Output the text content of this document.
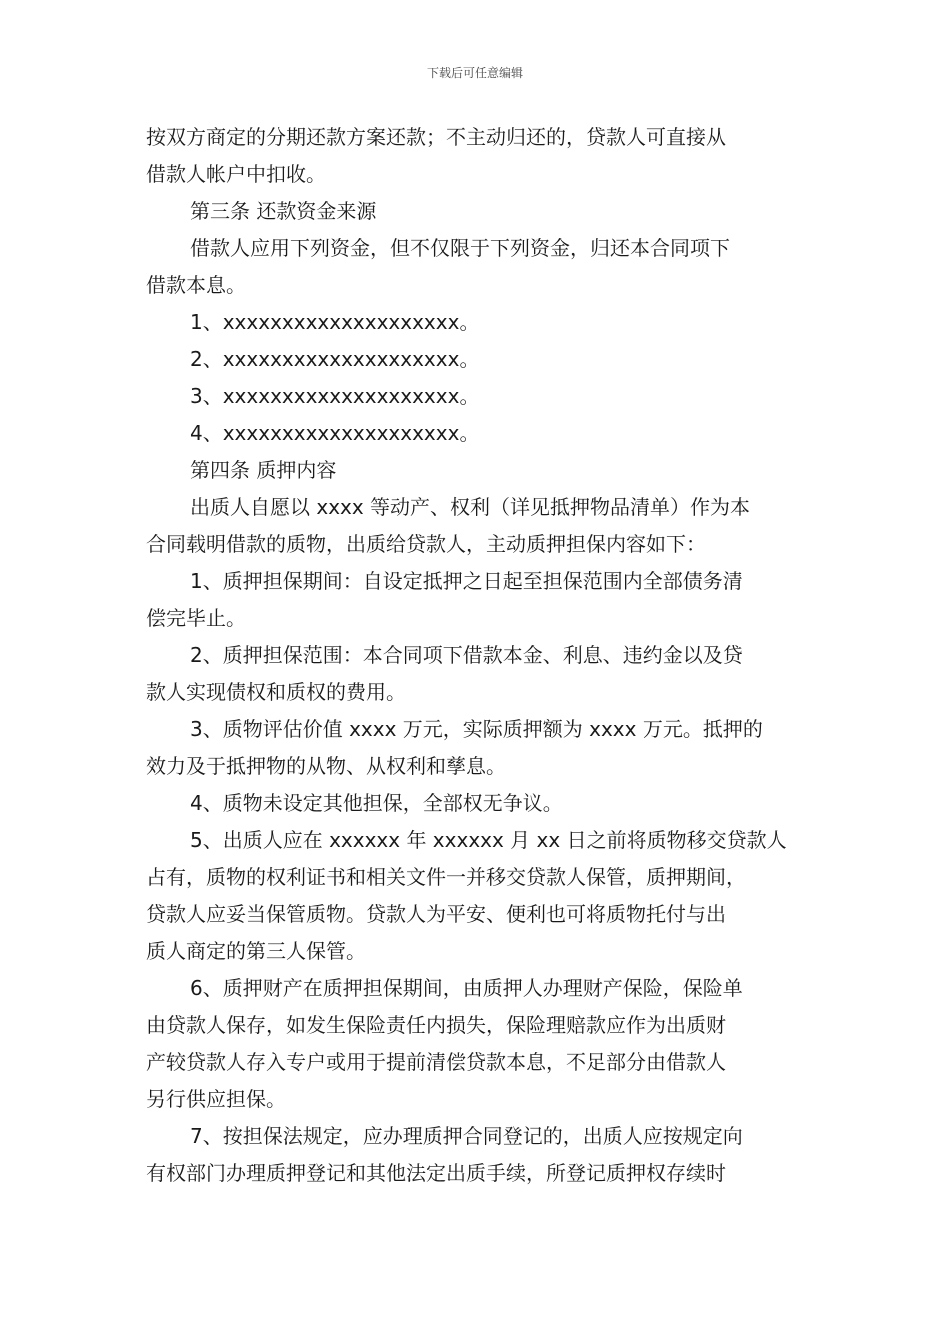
下载后可任意编辑

按双方商定的分期还款方案还款；不主动归还的，贷款人可直接从

借款人帐户中扣收。

第三条 还款资金来源

借款人应用下列资金，但不仅限于下列资金，归还本合同项下

借款本息。

1、xxxxxxxxxxxxxxxxxxxx。

2、xxxxxxxxxxxxxxxxxxxx。

3、xxxxxxxxxxxxxxxxxxxx。

4、xxxxxxxxxxxxxxxxxxxx。

第四条 质押内容

出质人自愿以 xxxx 等动产、权利（详见抵押物品清单）作为本

合同载明借款的质物，出质给贷款人，主动质押担保内容如下：

1、质押担保期间：自设定抵押之日起至担保范围内全部债务清

偿完毕止。

2、质押担保范围：本合同项下借款本金、利息、违约金以及贷

款人实现债权和质权的费用。

3、质物评估价值 xxxx 万元，实际质押额为 xxxx 万元。抵押的

效力及于抵押物的从物、从权利和孳息。

4、质物未设定其他担保，全部权无争议。

5、出质人应在 xxxxxx 年 xxxxxx 月 xx 日之前将质物移交贷款人

占有，质物的权利证书和相关文件一并移交贷款人保管，质押期间，

贷款人应妥当保管质物。贷款人为平安、便利也可将质物托付与出

质人商定的第三人保管。

6、质押财产在质押担保期间，由质押人办理财产保险，保险单

由贷款人保存，如发生保险责任内损失，保险理赔款应作为出质财

产较贷款人存入专户或用于提前清偿贷款本息，不足部分由借款人

另行供应担保。

7、按担保法规定，应办理质押合同登记的，出质人应按规定向

有权部门办理质押登记和其他法定出质手续，所登记质押权存续时
